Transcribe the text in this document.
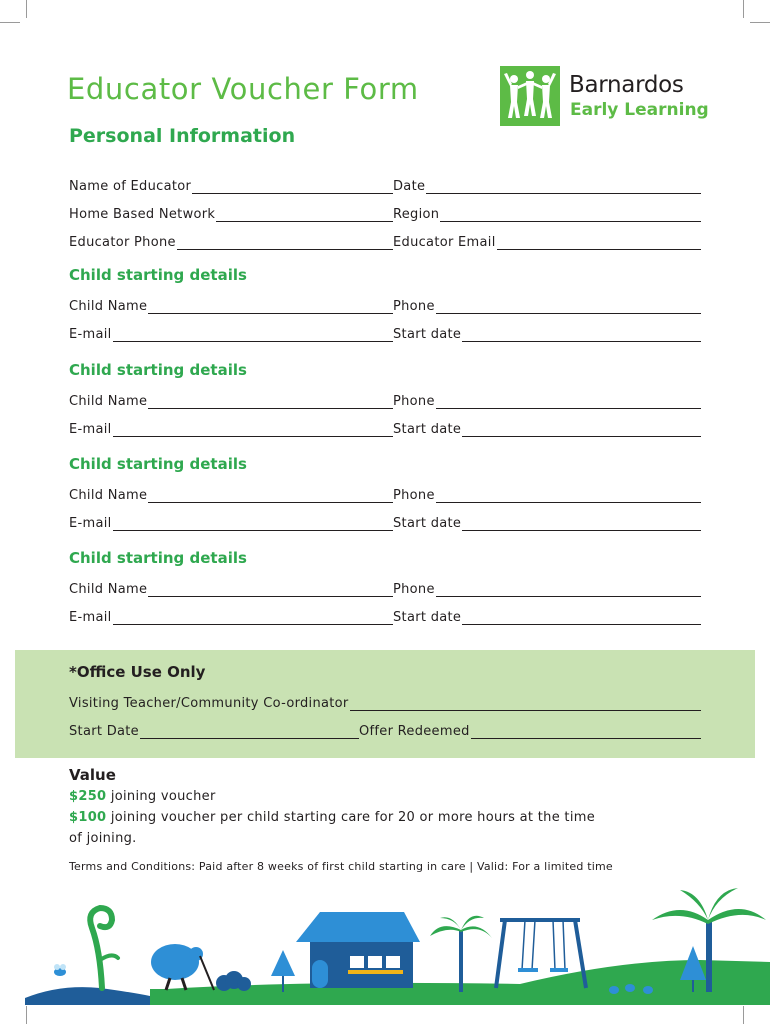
Educator Voucher Form	Barnardos
Early Learning
Personal Information
Name of Educator	Date
Home Based Network	Region
Educator Phone	Educator Email
Child starting details
Child Name	Phone
E-mail	Start date
Child starting details
Child Name	Phone
E-mail	Start date
Child starting details
Child Name	Phone
E-mail	Start date
Child starting details
Child Name	Phone
E-mail	Start date
*Office Use Only
Visiting Teacher/Community Co-ordinator
Start Date	Offer Redeemed
Value
$250 joining voucher
$100 joining voucher per child starting care for 20 or more hours at the time
of joining.
Terms and Conditions: Paid after 8 weeks of first child starting in care | Valid: For a limited time
